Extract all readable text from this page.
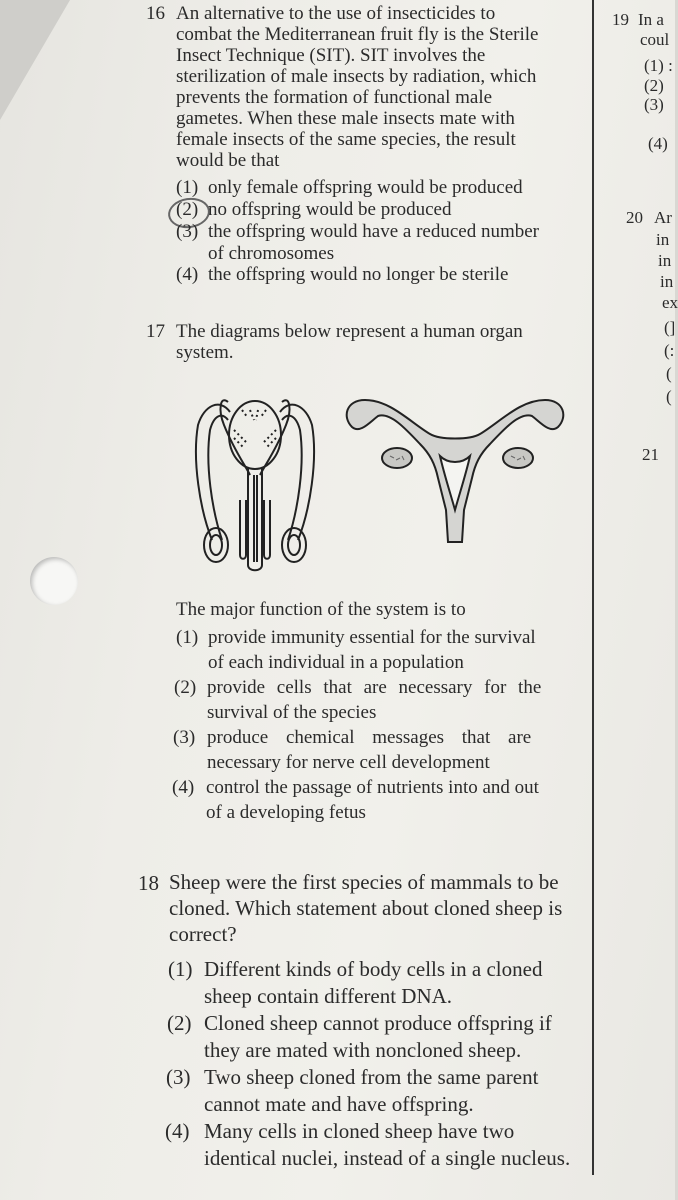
16 An alternative to the use of insecticides to
combat the Mediterranean fruit fly is the Sterile
Insect Technique (SIT). SIT involves the
sterilization of male insects by radiation, which
prevents the formation of functional male
gametes. When these male insects mate with
female insects of the same species, the result
would be that
(1) only female offspring would be produced
(2) no offspring would be produced
(3) the offspring would have a reduced number
of chromosomes
(4) the offspring would no longer be sterile
17 The diagrams below represent a human organ
system.
The major function of the system is to
(1) provide immunity essential for the survival
of each individual in a population
(2) provide cells that are necessary for the
survival of the species
(3) produce chemical messages that are
necessary for nerve cell development
(4) control the passage of nutrients into and out
of a developing fetus
18 Sheep were the first species of mammals to be
cloned. Which statement about cloned sheep is
correct?
(1) Different kinds of body cells in a cloned
sheep contain different DNA.
(2) Cloned sheep cannot produce offspring if
they are mated with noncloned sheep.
(3) Two sheep cloned from the same parent
cannot mate and have offspring.
(4) Many cells in cloned sheep have two
identical nuclei, instead of a single nucleus.
19 In a
coul
(1) :
(2)
(3)
(4)
20 Ar
in
in
in
ex
(]
(:
(
(
21
